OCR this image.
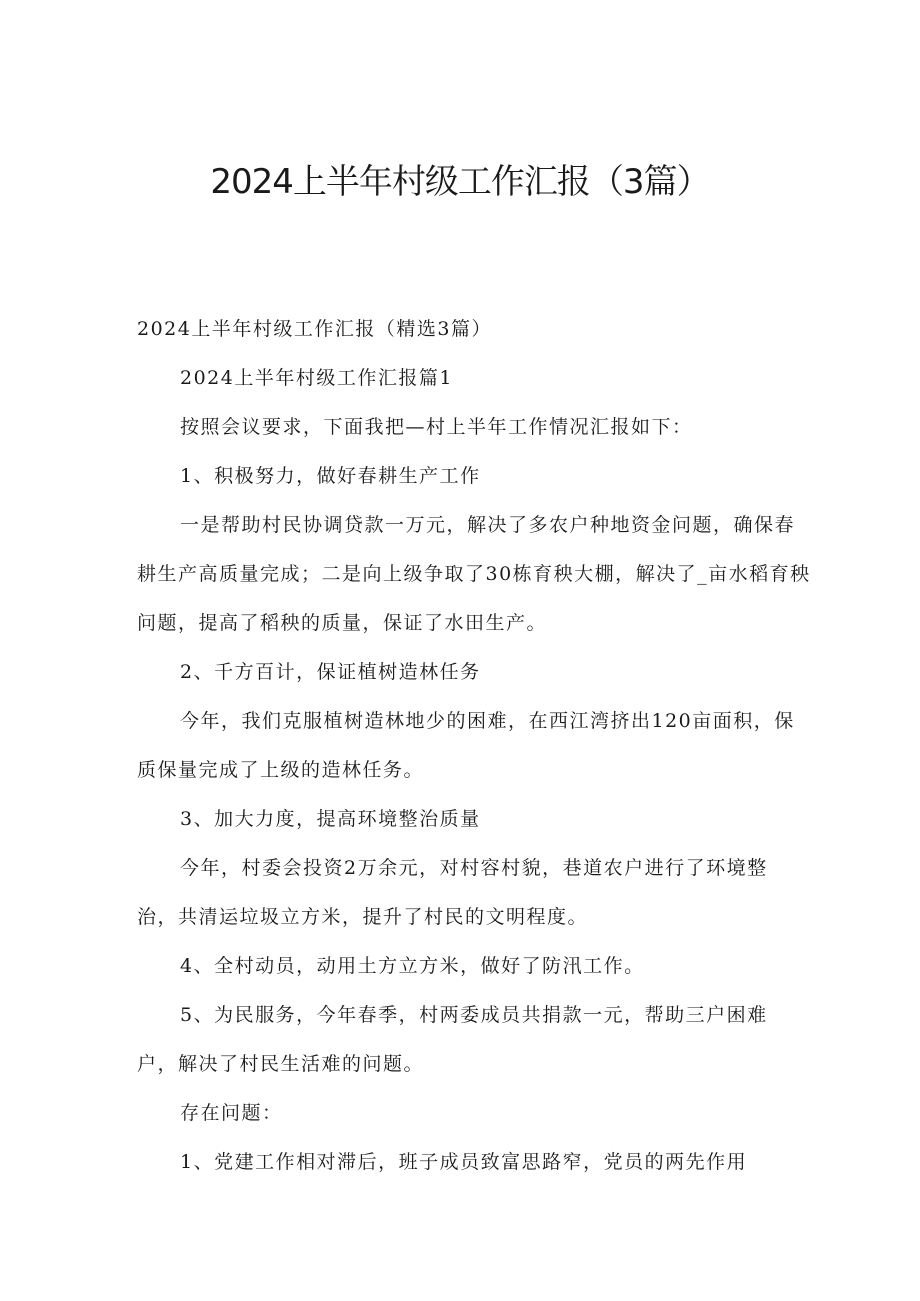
2024上半年村级工作汇报（3篇）
2024上半年村级工作汇报（精选3篇）
2024上半年村级工作汇报篇1
按照会议要求，下面我把—村上半年工作情况汇报如下：
1、积极努力，做好春耕生产工作
一是帮助村民协调贷款一万元，解决了多农户种地资金问题，确保春
耕生产高质量完成；二是向上级争取了30栋育秧大棚，解决了_亩水稻育秧
问题，提高了稻秧的质量，保证了水田生产。
2、千方百计，保证植树造林任务
今年，我们克服植树造林地少的困难，在西江湾挤出120亩面积，保
质保量完成了上级的造林任务。
3、加大力度，提高环境整治质量
今年，村委会投资2万余元，对村容村貌，巷道农户进行了环境整
治，共清运垃圾立方米，提升了村民的文明程度。
4、全村动员，动用土方立方米，做好了防汛工作。
5、为民服务，今年春季，村两委成员共捐款一元，帮助三户困难
户，解决了村民生活难的问题。
存在问题：
1、党建工作相对滞后，班子成员致富思路窄，党员的两先作用
